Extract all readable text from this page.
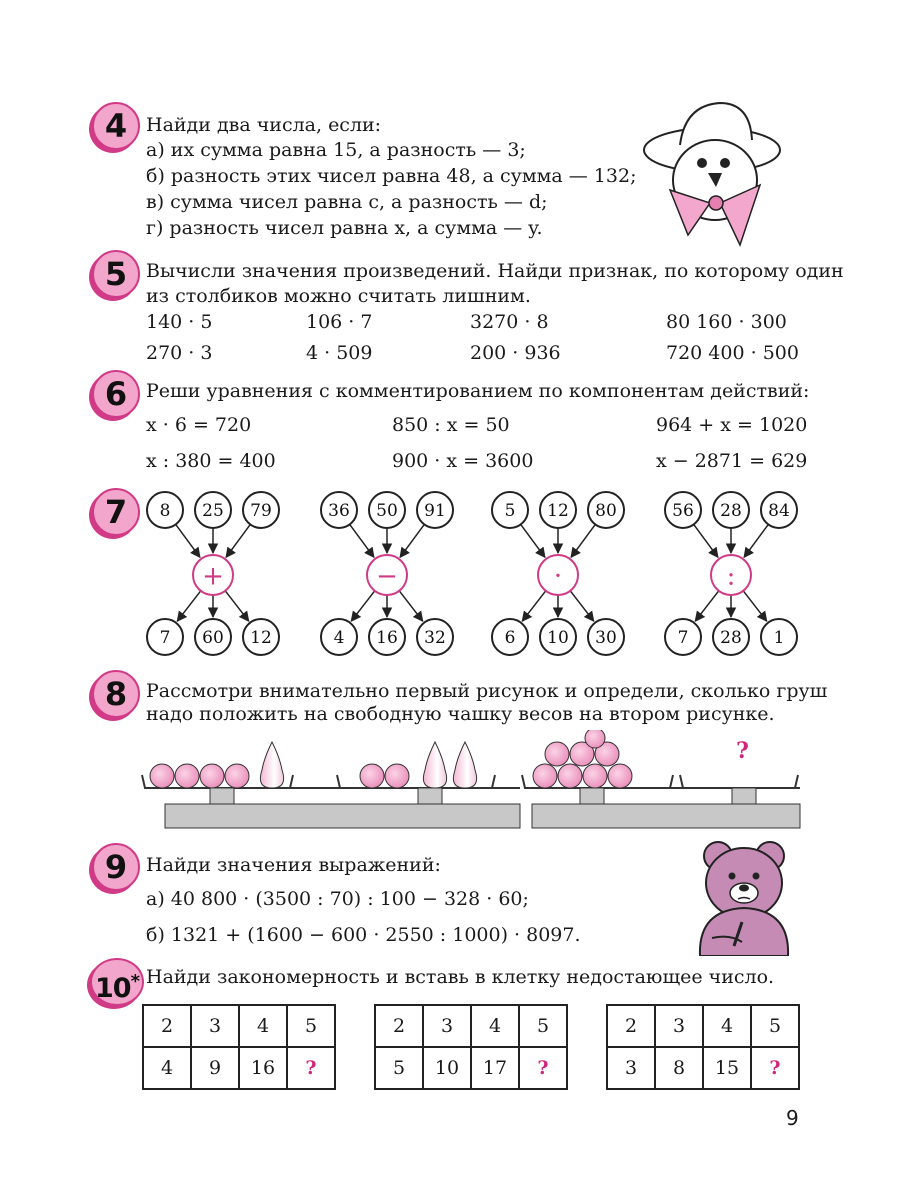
4 Найди два числа, если:
а) их сумма равна 15, а разность — 3;
б) разность этих чисел равна 48, а сумма — 132;
в) сумма чисел равна c, а разность — d;
г) разность чисел равна x, а сумма — y.
5 Вычисли значения произведений. Найди признак, по которому один
из столбиков можно считать лишним.
140 · 5	106 · 7	3270 · 8	80 160 · 300
270 · 3	4 · 509	200 · 936	720 400 · 500
6 Реши уравнения с комментированием по компонентам действий:
x · 6 = 720	850 : x = 50	964 + x = 1020
x : 380 = 400	900 · x = 3600	x − 2871 = 629
7	8 25 79
+
7 60 12
36 50 91
−
4 16 32
5 12 80
·
6 10 30
56 28 84
:
7 28 1
8 Рассмотри внимательно первый рисунок и определи, сколько груш
надо положить на свободную чашку весов на втором рисунке.
?
9 Найди значения выражений:
а) 40 800 · (3500 : 70) : 100 − 328 · 60;
б) 1321 + (1600 − 600 · 2550 : 1000) · 8097.
10* Найди закономерность и вставь в клетку недостающее число.
2	3	4	5
4	9	16	?
2	3	4	5
5	10	17	?
2	3	4	5
3	8	15	?
9
